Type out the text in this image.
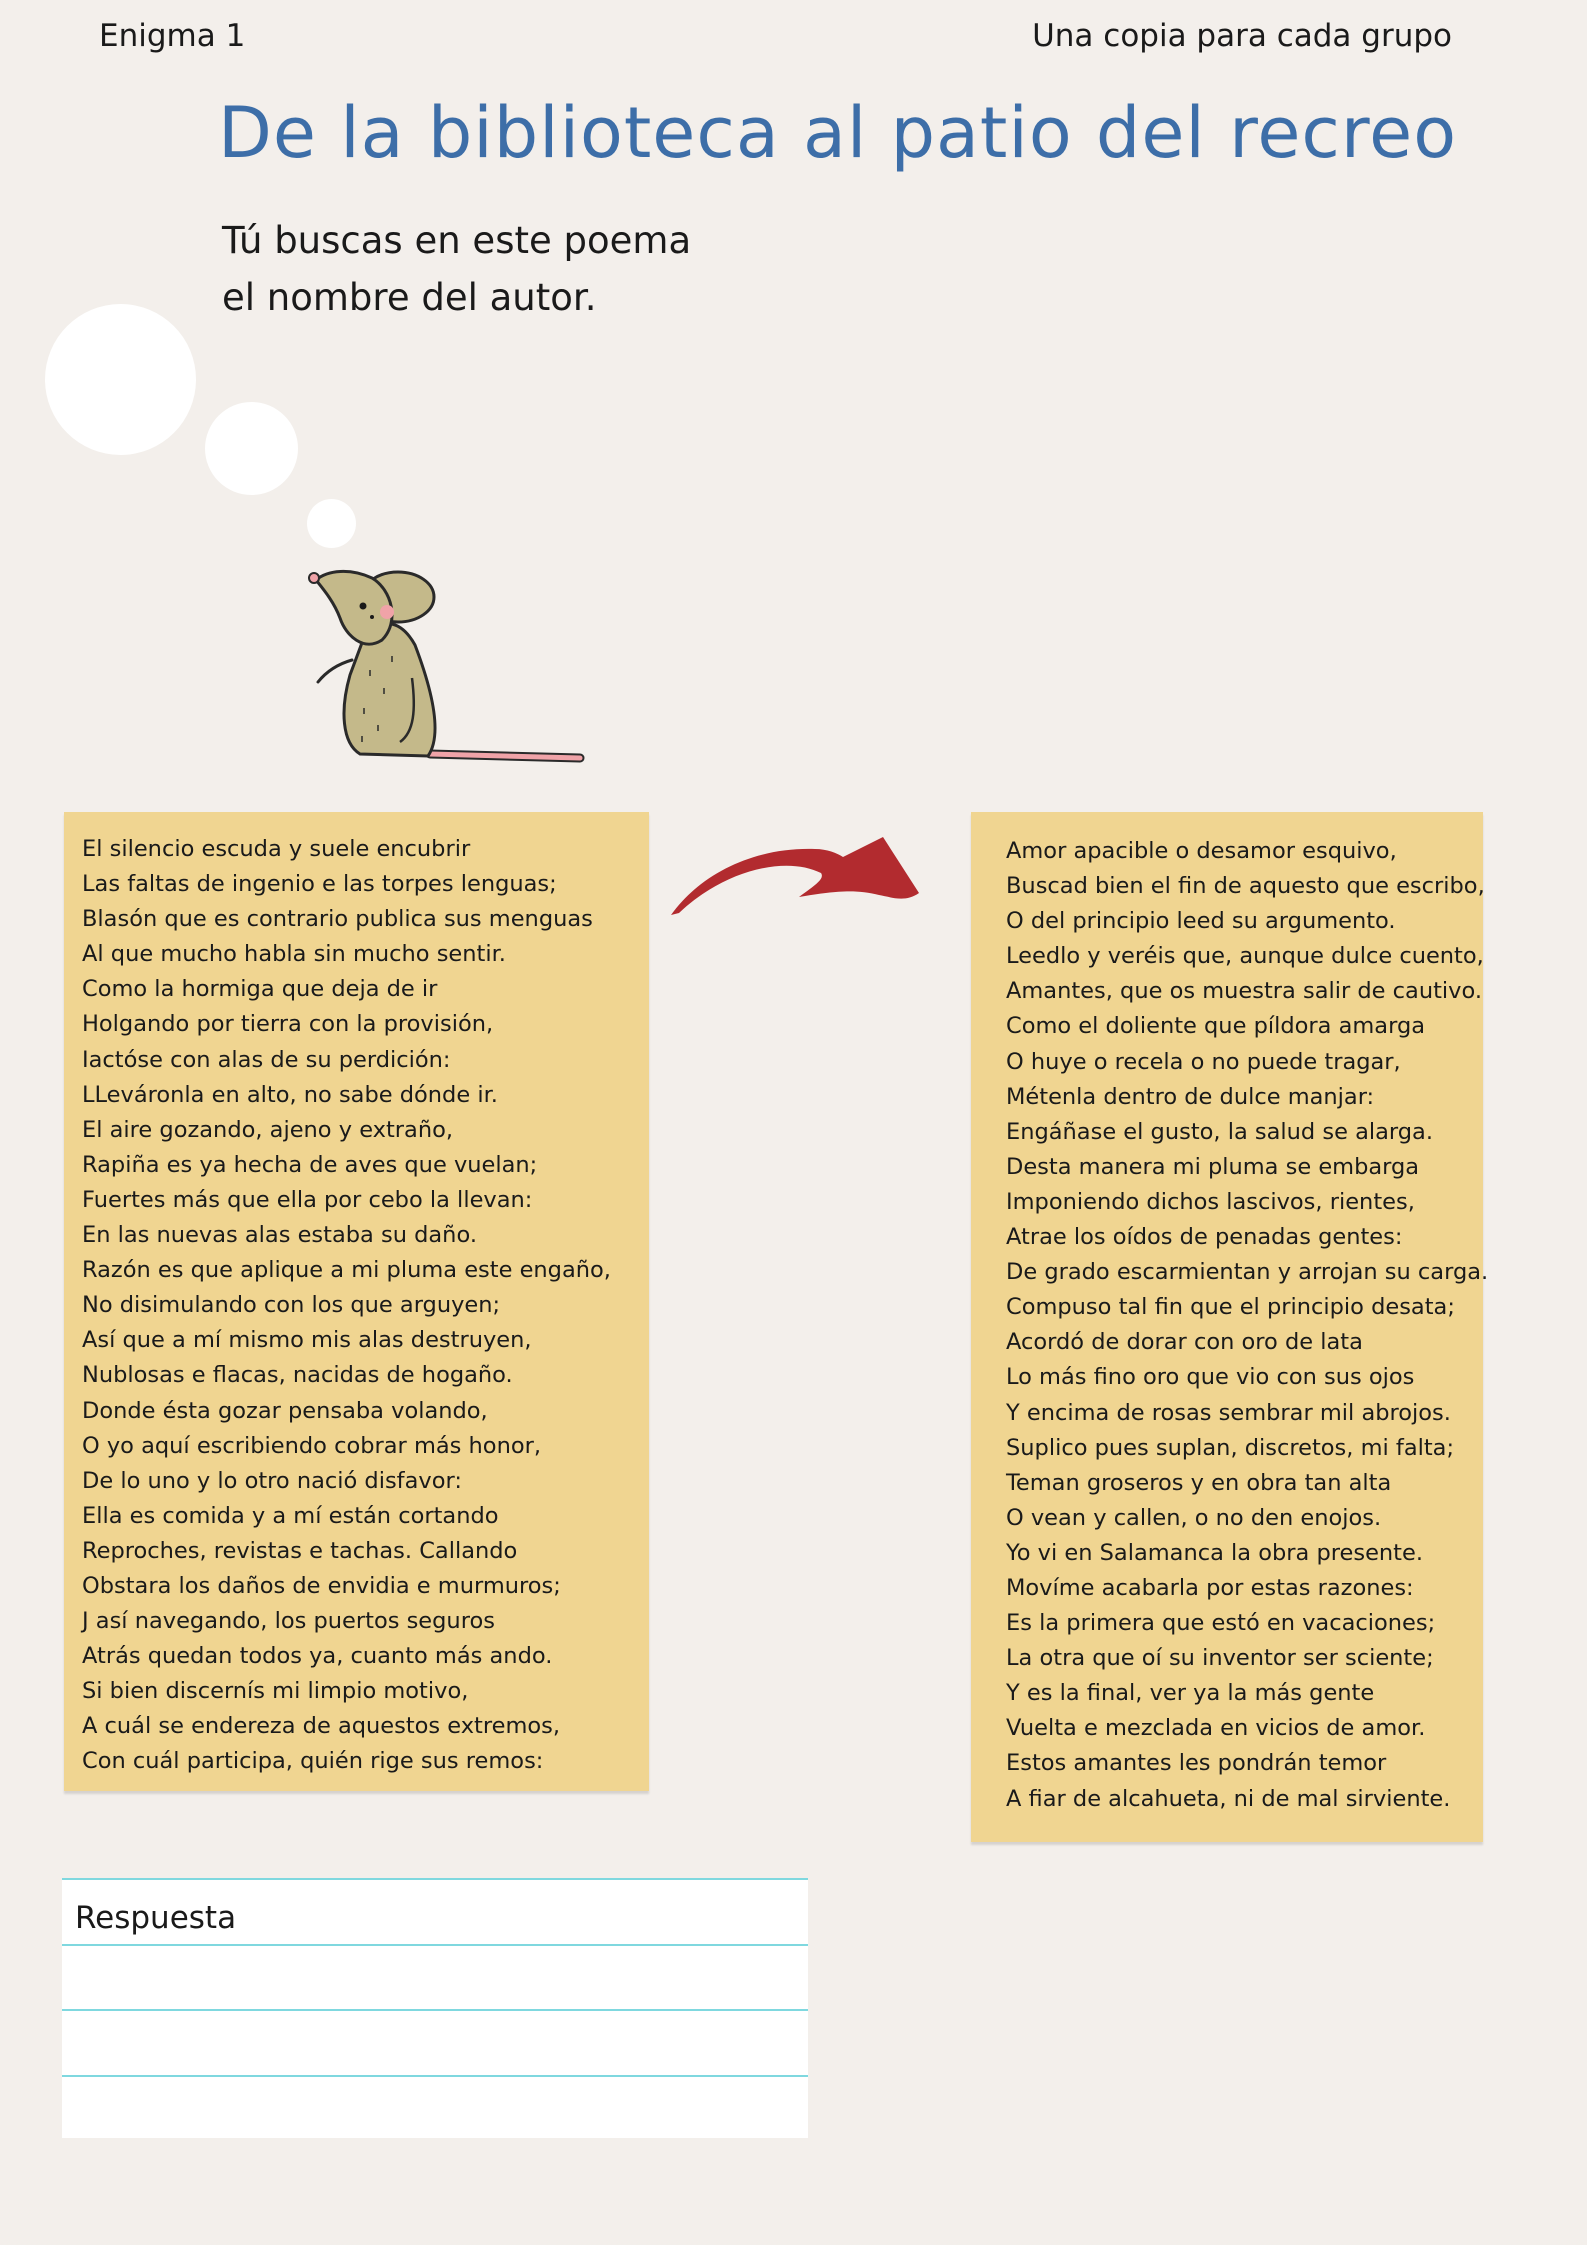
Enigma 1	Una copia para cada grupo
De la biblioteca al patio del recreo
Tú buscas en este poema
el nombre del autor.
El silencio escuda y suele encubrir
Las faltas de ingenio e las torpes lenguas;
Blasón que es contrario publica sus menguas
Al que mucho habla sin mucho sentir.
Como la hormiga que deja de ir
Holgando por tierra con la provisión,
Iactóse con alas de su perdición:
LLeváronla en alto, no sabe dónde ir.
El aire gozando, ajeno y extraño,
Rapiña es ya hecha de aves que vuelan;
Fuertes más que ella por cebo la llevan:
En las nuevas alas estaba su daño.
Razón es que aplique a mi pluma este engaño,
No disimulando con los que arguyen;
Así que a mí mismo mis alas destruyen,
Nublosas e flacas, nacidas de hogaño.
Donde ésta gozar pensaba volando,
O yo aquí escribiendo cobrar más honor,
De lo uno y lo otro nació disfavor:
Ella es comida y a mí están cortando
Reproches, revistas e tachas. Callando
Obstara los daños de envidia e murmuros;
J así navegando, los puertos seguros
Atrás quedan todos ya, cuanto más ando.
Si bien discernís mi limpio motivo,
A cuál se endereza de aquestos extremos,
Con cuál participa, quién rige sus remos:
Amor apacible o desamor esquivo,
Buscad bien el fin de aquesto que escribo,
O del principio leed su argumento.
Leedlo y veréis que, aunque dulce cuento,
Amantes, que os muestra salir de cautivo.
Como el doliente que píldora amarga
O huye o recela o no puede tragar,
Métenla dentro de dulce manjar:
Engáñase el gusto, la salud se alarga.
Desta manera mi pluma se embarga
Imponiendo dichos lascivos, rientes,
Atrae los oídos de penadas gentes:
De grado escarmientan y arrojan su carga.
Compuso tal fin que el principio desata;
Acordó de dorar con oro de lata
Lo más fino oro que vio con sus ojos
Y encima de rosas sembrar mil abrojos.
Suplico pues suplan, discretos, mi falta;
Teman groseros y en obra tan alta
O vean y callen, o no den enojos.
Yo vi en Salamanca la obra presente.
Movíme acabarla por estas razones:
Es la primera que estó en vacaciones;
La otra que oí su inventor ser sciente;
Y es la final, ver ya la más gente
Vuelta e mezclada en vicios de amor.
Estos amantes les pondrán temor
A fiar de alcahueta, ni de mal sirviente.
Respuesta
